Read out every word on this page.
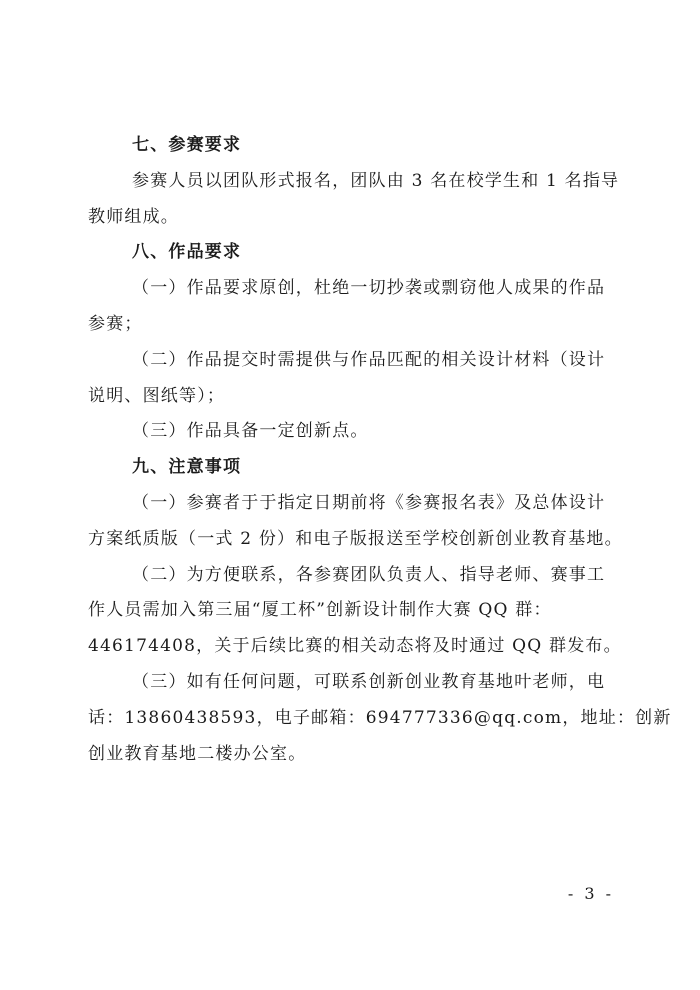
七、参赛要求
参赛人员以团队形式报名，团队由 3 名在校学生和 1 名指导
教师组成。
八、作品要求
（一）作品要求原创，杜绝一切抄袭或剽窃他人成果的作品
参赛；
（二）作品提交时需提供与作品匹配的相关设计材料（设计
说明、图纸等）；
（三）作品具备一定创新点。
九、注意事项
（一）参赛者于于指定日期前将《参赛报名表》及总体设计
方案纸质版（一式 2 份）和电子版报送至学校创新创业教育基地。
（二）为方便联系，各参赛团队负责人、指导老师、赛事工
作人员需加入第三届“厦工杯”创新设计制作大赛 QQ 群：
446174408，关于后续比赛的相关动态将及时通过 QQ 群发布。
（三）如有任何问题，可联系创新创业教育基地叶老师，电
话：13860438593，电子邮箱：694777336@qq.com，地址：创新
创业教育基地二楼办公室。
- 3 -
